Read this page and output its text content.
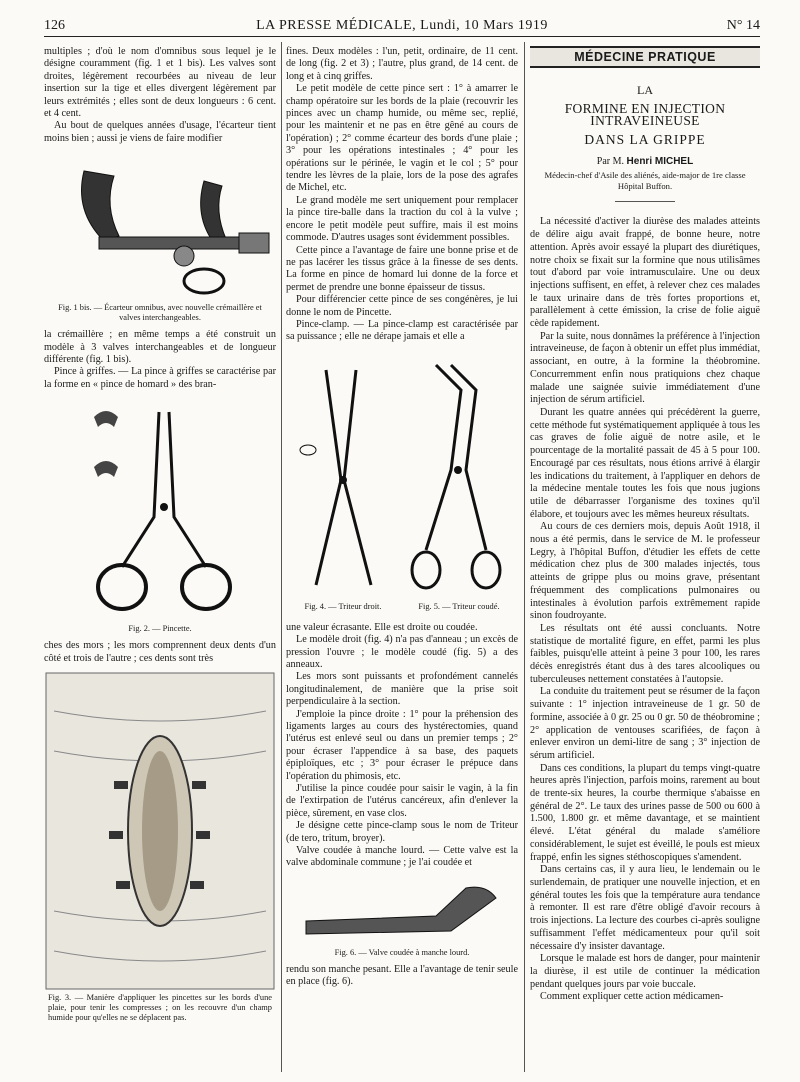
126	LA PRESSE MÉDICALE, Lundi, 10 Mars 1919	N° 14

multiples ; d'où le nom d'omnibus sous lequel je le désigne couramment (fig. 1 et 1 bis). Les valves sont droites, légèrement recourbées au niveau de leur insertion sur la tige et elles divergent légèrement par leurs extrémités ; elles sont de deux longueurs : 6 cent. et 4 cent.

Au bout de quelques années d'usage, l'écarteur tient moins bien ; aussi je viens de faire modifier

Fig. 1 bis. — Écarteur omnibus, avec nouvelle crémaillère et valves interchangeables.

la crémaillère ; en même temps a été construit un modèle à 3 valves interchangeables et de longueur différente (fig. 1 bis).

Pince à griffes. — La pince à griffes se caractérise par la forme en « pince de homard » des bran-

Fig. 2. — Pincette.

ches des mors ; les mors comprennent deux dents d'un côté et trois de l'autre ; ces dents sont très

Fig. 3. — Manière d'appliquer les pincettes sur les bords d'une plaie, pour tenir les compresses ; on les recouvre d'un champ humide pour qu'elles ne se déplacent pas.

fines. Deux modèles : l'un, petit, ordinaire, de 11 cent. de long (fig. 2 et 3) ; l'autre, plus grand, de 14 cent. de long et à cinq griffes.

Le petit modèle de cette pince sert : 1° à amarrer le champ opératoire sur les bords de la plaie (recouvrir les pinces avec un champ humide, ou même sec, replié, pour les maintenir et ne pas en être gêné au cours de l'opération) ; 2° comme écarteur des bords d'une plaie ; 3° pour les opérations intestinales ; 4° pour les opérations sur le périnée, le vagin et le col ; 5° pour tendre les lèvres de la plaie, lors de la pose des agrafes de Michel, etc.

Le grand modèle me sert uniquement pour remplacer la pince tire-balle dans la traction du col à la vulve ; encore le petit modèle peut suffire, mais il est moins commode. D'autres usages sont évidemment possibles.

Cette pince a l'avantage de faire une bonne prise et de ne pas lacérer les tissus grâce à la finesse de ses dents. La forme en pince de homard lui donne de la force et permet de prendre une bonne épaisseur de tissus.

Pour différencier cette pince de ses congénères, je lui donne le nom de Pincette.

Pince-clamp. — La pince-clamp est caractérisée par sa puissance ; elle ne dérape jamais et elle a

Fig. 4. — Triteur droit.	Fig. 5. — Triteur coudé.

une valeur écrasante. Elle est droite ou coudée.

Le modèle droit (fig. 4) n'a pas d'anneau ; un excès de pression l'ouvre ; le modèle coudé (fig. 5) a des anneaux.

Les mors sont puissants et profondément cannelés longitudinalement, de manière que la prise soit perpendiculaire à la section.

J'emploie la pince droite : 1° pour la préhension des ligaments larges au cours des hystérectomies, quand l'utérus est enlevé seul ou dans un premier temps ; 2° pour écraser l'appendice à sa base, des paquets épiploïques, etc ; 3° pour écraser le prépuce dans l'opération du phimosis, etc.

J'utilise la pince coudée pour saisir le vagin, à la fin de l'extirpation de l'utérus cancéreux, afin d'enlever la pièce, sûrement, en vase clos.

Je désigne cette pince-clamp sous le nom de Triteur (de tero, tritum, broyer).

Valve coudée à manche lourd. — Cette valve est la valve abdominale commune ; je l'ai coudée et

Fig. 6. — Valve coudée à manche lourd.

rendu son manche pesant. Elle a l'avantage de tenir seule en place (fig. 6).

MÉDECINE PRATIQUE
LA
FORMINE EN INJECTION INTRAVEINEUSE
DANS LA GRIPPE
Par M. Henri MICHEL
Médecin-chef d'Asile des aliénés, aide-major de 1re classe Hôpital Buffon.

La nécessité d'activer la diurèse des malades atteints de délire aigu avait frappé, de bonne heure, notre attention. Après avoir essayé la plupart des diurétiques, notre choix se fixait sur la formine que nous utilisâmes tout d'abord par voie intramusculaire. Une ou deux injections suffisent, en effet, à relever chez ces malades le taux urinaire dans de très fortes proportions et, parallèlement à cette émission, la crise de folie aiguë cède rapidement.

Par la suite, nous donnâmes la préférence à l'injection intraveineuse, de façon à obtenir un effet plus immédiat, associant, en outre, à la formine la théobromine. Concurremment enfin nous pratiquions chez chaque malade une saignée suivie immédiatement d'une injection de sérum artificiel.

Durant les quatre années qui précédèrent la guerre, cette méthode fut systématiquement appliquée à tous les cas graves de folie aiguë de notre asile, et le pourcentage de la mortalité passait de 45 à 5 pour 100. Encouragé par ces résultats, nous étions arrivé à élargir les indications du traitement, à l'appliquer en dehors de la médecine mentale toutes les fois que nous jugions utile de débarrasser l'organisme des toxines qu'il élabore, et toujours avec les mêmes heureux résultats.

Au cours de ces derniers mois, depuis Août 1918, il nous a été permis, dans le service de M. le professeur Legry, à l'hôpital Buffon, d'étudier les effets de cette médication chez plus de 300 malades injectés, tous atteints de grippe plus ou moins grave, présentant fréquemment des complications pulmonaires ou intestinales à évolution parfois extrêmement rapide sinon foudroyante.

Les résultats ont été aussi concluants. Notre statistique de mortalité figure, en effet, parmi les plus faibles, puisqu'elle atteint à peine 3 pour 100, les rares décès enregistrés étant dus à des tares alcooliques ou tuberculeuses nettement constatées à l'autopsie.

La conduite du traitement peut se résumer de la façon suivante : 1° injection intraveineuse de 1 gr. 50 de formine, associée à 0 gr. 25 ou 0 gr. 50 de théobromine ; 2° application de ventouses scarifiées, de façon à enlever environ un demi-litre de sang ; 3° injection de sérum artificiel.

Dans ces conditions, la plupart du temps vingt-quatre heures après l'injection, parfois moins, rarement au bout de trente-six heures, la courbe thermique s'abaisse en général de 2°. Le taux des urines passe de 500 ou 600 à 1.500, 1.800 gr. et même davantage, et se maintient élevé. L'état général du malade s'améliore considérablement, le sujet est éveillé, le pouls est mieux frappé, enfin les signes stéthoscopiques s'amendent.

Dans certains cas, il y aura lieu, le lendemain ou le surlendemain, de pratiquer une nouvelle injection, et en général toutes les fois que la température aura tendance à remonter. Il est rare d'être obligé d'avoir recours à trois injections. La lecture des courbes ci-après souligne suffisamment l'effet médicamenteux pour qu'il soit nécessaire d'y insister davantage.

Lorsque le malade est hors de danger, pour maintenir la diurèse, il est utile de continuer la médication pendant quelques jours par voie buccale.

Comment expliquer cette action médicamen-
